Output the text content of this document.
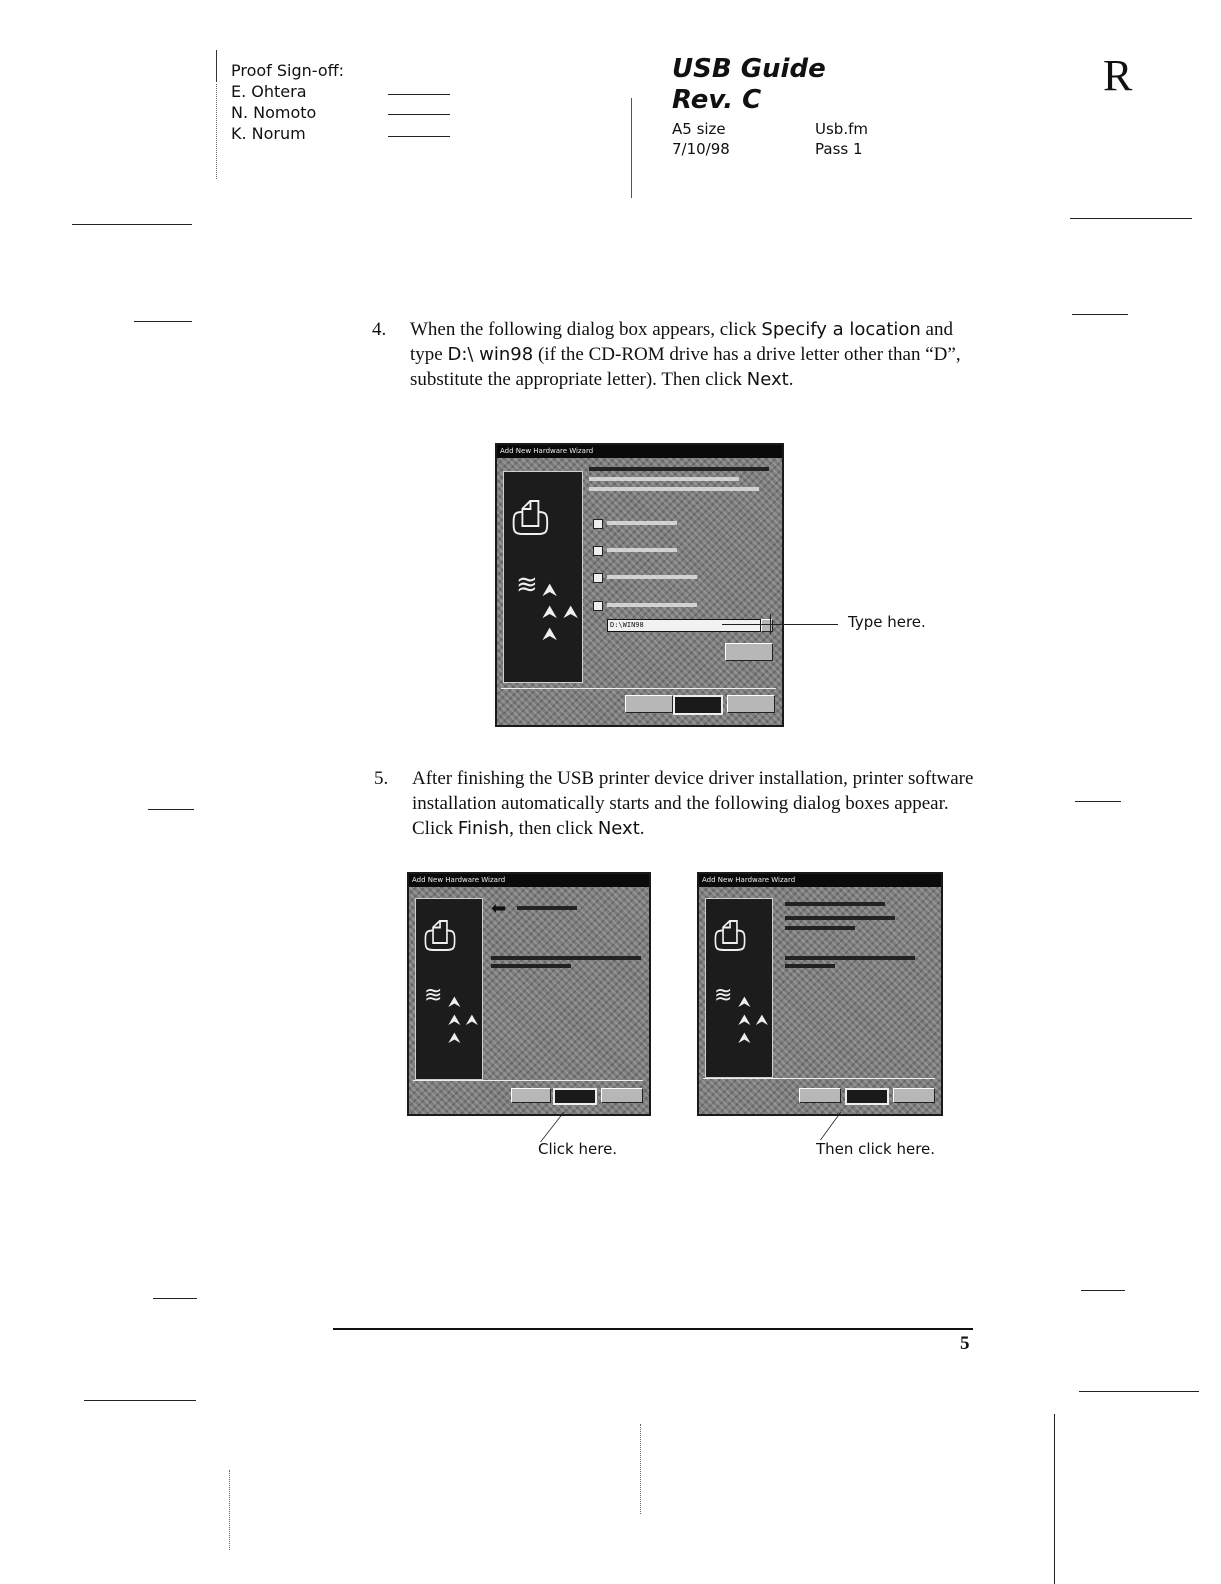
Proof Sign-off:
E. Ohtera
N. Nomoto
K. Norum
USB Guide
Rev. C
A5 size
7/10/98
Usb.fm
Pass 1
R
4. When the following dialog box appears, click Specify a location and type D:\ win98 (if the CD-ROM drive has a drive letter other than “D”, substitute the appropriate letter). Then click Next.
Add New Hardware Wizard
⎙
≋ ⮝
⮝ ⮝
⮝	D:\WIN98	Type here.
5. After finishing the USB printer device driver installation, printer software installation automatically starts and the following dialog boxes appear. Click Finish, then click Next.
Add New Hardware Wizard
⎙
≋ ⮝
⮝ ⮝
⮝
⬅
Click here.
Add New Hardware Wizard
⎙
≋ ⮝
⮝ ⮝
⮝
Then click here.
5
